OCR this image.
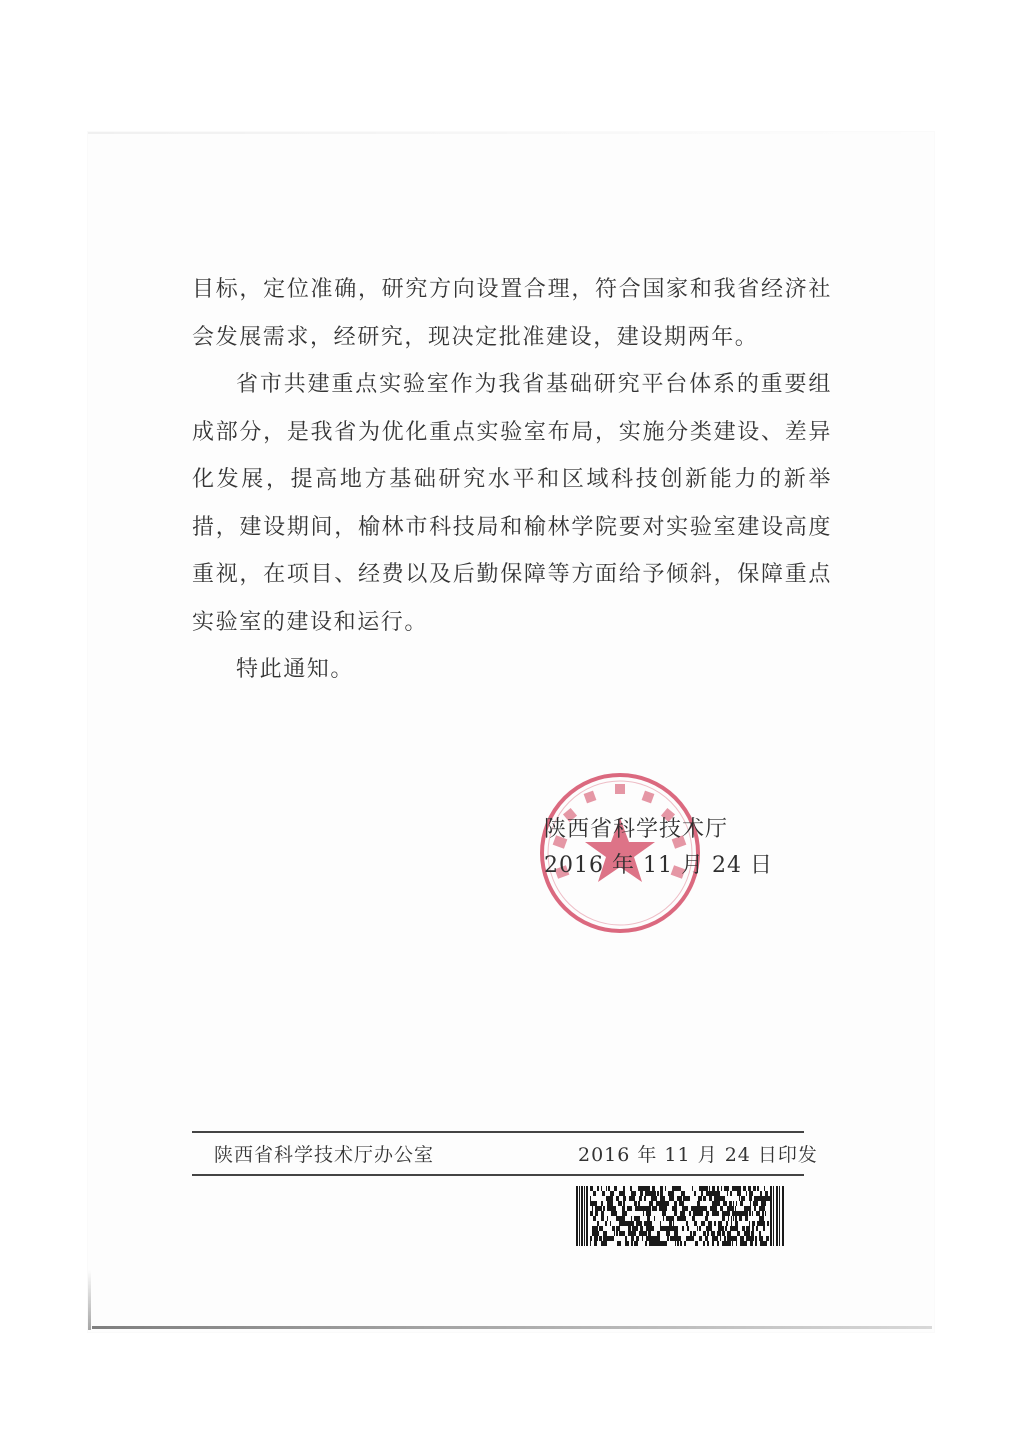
目标，定位准确，研究方向设置合理，符合国家和我省经济社会发展需求，经研究，现决定批准建设，建设期两年。

省市共建重点实验室作为我省基础研究平台体系的重要组成部分，是我省为优化重点实验室布局，实施分类建设、差异化发展，提高地方基础研究水平和区域科技创新能力的新举措，建设期间，榆林市科技局和榆林学院要对实验室建设高度重视，在项目、经费以及后勤保障等方面给予倾斜，保障重点实验室的建设和运行。

特此通知。

陕西省科学技术厅
2016 年 11 月 24 日
陕西省科学技术厅办公室	2016 年 11 月 24 日印发
